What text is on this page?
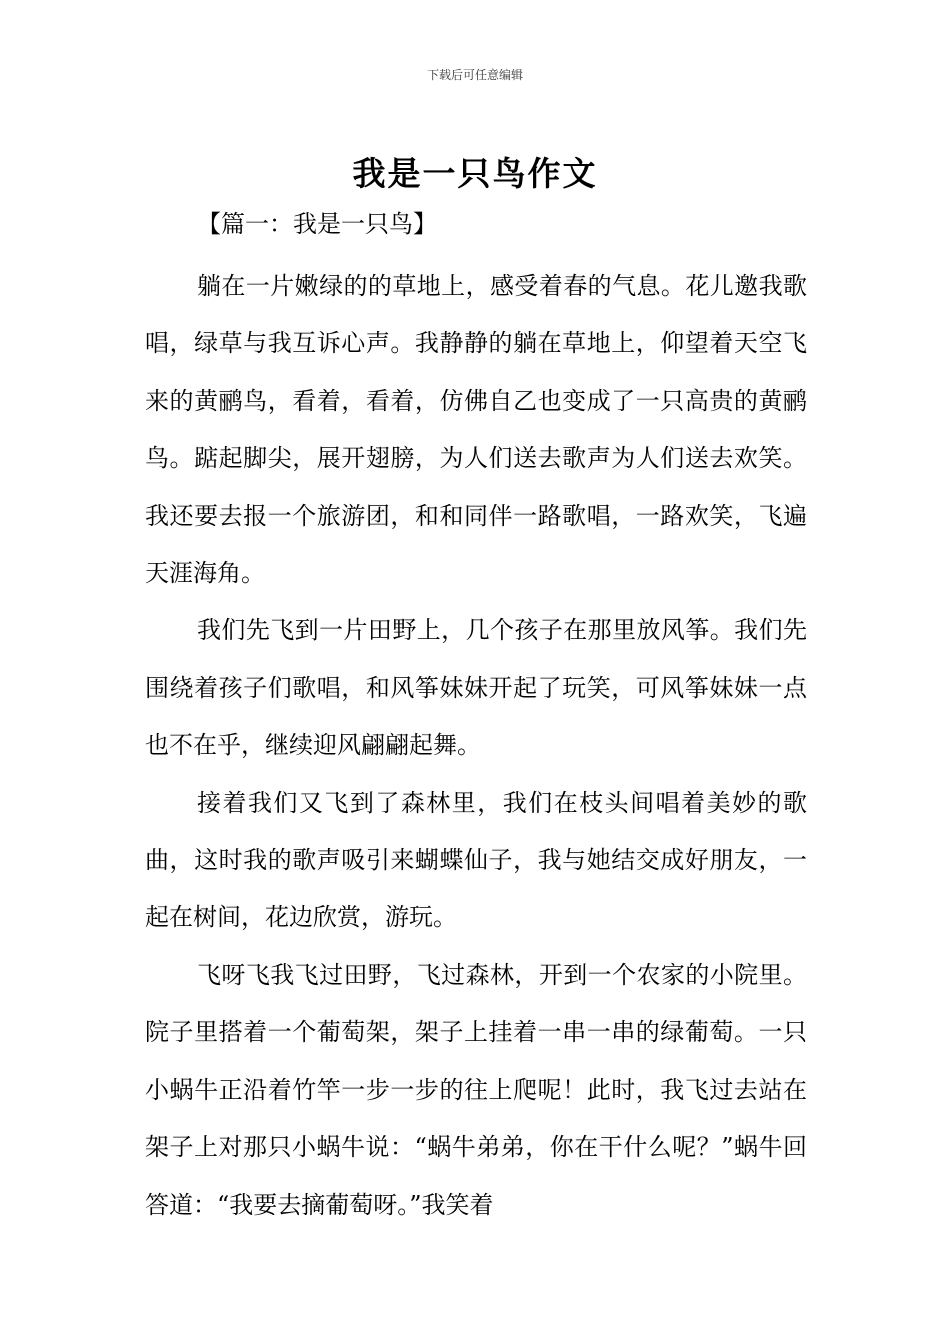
下载后可任意编辑
我是一只鸟作文

【篇一：我是一只鸟】

躺在一片嫩绿的的草地上，感受着春的气息。花儿邀我歌唱，绿草与我互诉心声。我静静的躺在草地上，仰望着天空飞来的黄鹂鸟，看着，看着，仿佛自乙也变成了一只高贵的黄鹂鸟。踮起脚尖，展开翅膀，为人们送去歌声为人们送去欢笑。我还要去报一个旅游团，和和同伴一路歌唱，一路欢笑，飞遍天涯海角。

我们先飞到一片田野上，几个孩子在那里放风筝。我们先围绕着孩子们歌唱，和风筝妹妹开起了玩笑，可风筝妹妹一点也不在乎，继续迎风翩翩起舞。

接着我们又飞到了森林里，我们在枝头间唱着美妙的歌曲，这时我的歌声吸引来蝴蝶仙子，我与她结交成好朋友，一起在树间，花边欣赏，游玩。

飞呀飞我飞过田野，飞过森林，开到一个农家的小院里。院子里搭着一个葡萄架，架子上挂着一串一串的绿葡萄。一只小蜗牛正沿着竹竿一步一步的往上爬呢！此时，我飞过去站在架子上对那只小蜗牛说：“蜗牛弟弟，你在干什么呢？”蜗牛回答道：“我要去摘葡萄呀。”我笑着
